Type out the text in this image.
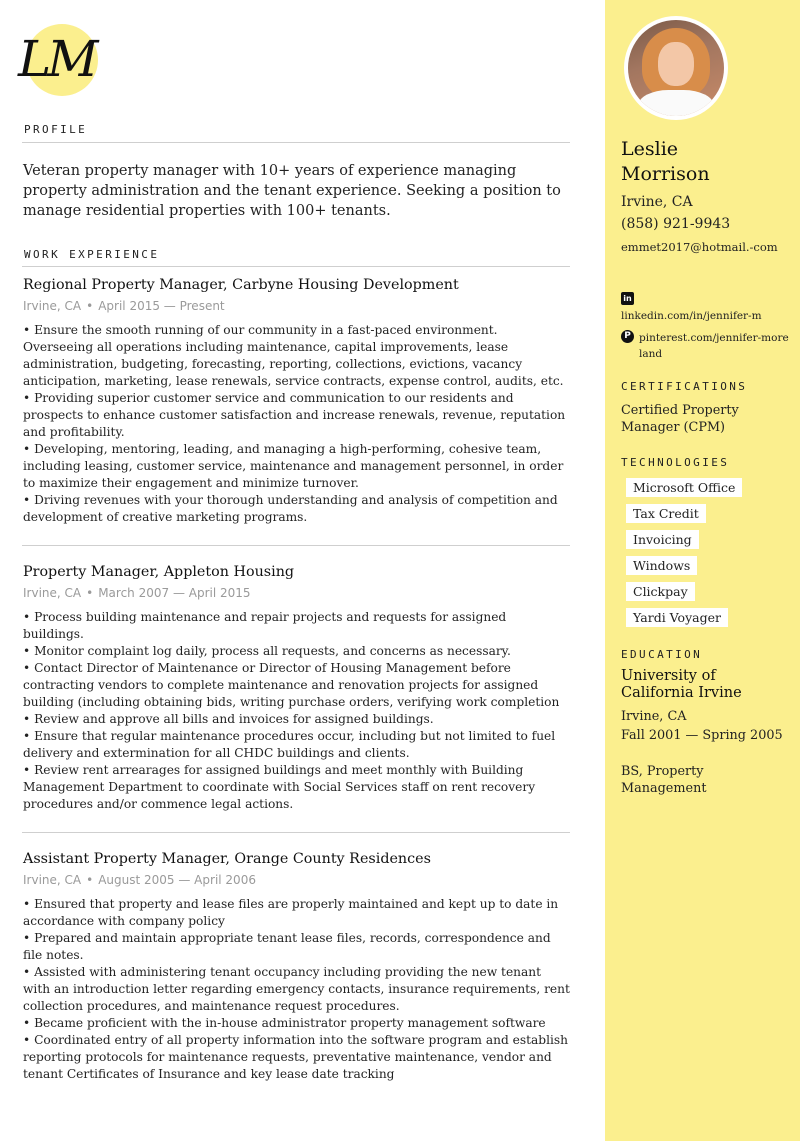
LM
PROFILE
Veteran property manager with 10+ years of experience managing property administration and the tenant experience. Seeking a position to manage residential properties with 100+ tenants.
WORK EXPERIENCE
Regional Property Manager, Carbyne Housing Development
Irvine, CA • April 2015 — Present
• Ensure the smooth running of our community in a fast-paced environment. Overseeing all operations including maintenance, capital improvements, lease administration, budgeting, forecasting, reporting, collections, evictions, vacancy anticipation, marketing, lease renewals, service contracts, expense control, audits, etc.
• Providing superior customer service and communication to our residents and prospects to enhance customer satisfaction and increase renewals, revenue, reputation and profitability.
• Developing, mentoring, leading, and managing a high-performing, cohesive team, including leasing, customer service, maintenance and management personnel, in order to maximize their engagement and minimize turnover.
• Driving revenues with your thorough understanding and analysis of competition and development of creative marketing programs.
Property Manager, Appleton Housing
Irvine, CA • March 2007 — April 2015
• Process building maintenance and repair projects and requests for assigned buildings.
• Monitor complaint log daily, process all requests, and concerns as necessary.
• Contact Director of Maintenance or Director of Housing Management before contracting vendors to complete maintenance and renovation projects for assigned building (including obtaining bids, writing purchase orders, verifying work completion
• Review and approve all bills and invoices for assigned buildings.
• Ensure that regular maintenance procedures occur, including but not limited to fuel delivery and extermination for all CHDC buildings and clients.
• Review rent arrearages for assigned buildings and meet monthly with Building Management Department to coordinate with Social Services staff on rent recovery procedures and/or commence legal actions.
Assistant Property Manager, Orange County Residences
Irvine, CA • August 2005 — April 2006
• Ensured that property and lease files are properly maintained and kept up to date in accordance with company policy
• Prepared and maintain appropriate tenant lease files, records, correspondence and file notes.
• Assisted with administering tenant occupancy including providing the new tenant with an introduction letter regarding emergency contacts, insurance requirements, rent collection procedures, and maintenance request procedures.
• Became proficient with the in-house administrator property management software
• Coordinated entry of all property information into the software program and establish reporting protocols for maintenance requests, preventative maintenance, vendor and tenant Certificates of Insurance and key lease date tracking
Leslie
Morrison
Irvine, CA
(858) 921-9943
emmet2017@hotmail.-com
in
linkedin.com/in/jennifer-m
P pinterest.com/jennifer-moreland
CERTIFICATIONS
Certified Property Manager (CPM)
TECHNOLOGIES
Microsoft Office
Tax Credit
Invoicing
Windows
Clickpay
Yardi Voyager
EDUCATION
University of California Irvine
Irvine, CA
Fall 2001 — Spring 2005
BS, Property Management
